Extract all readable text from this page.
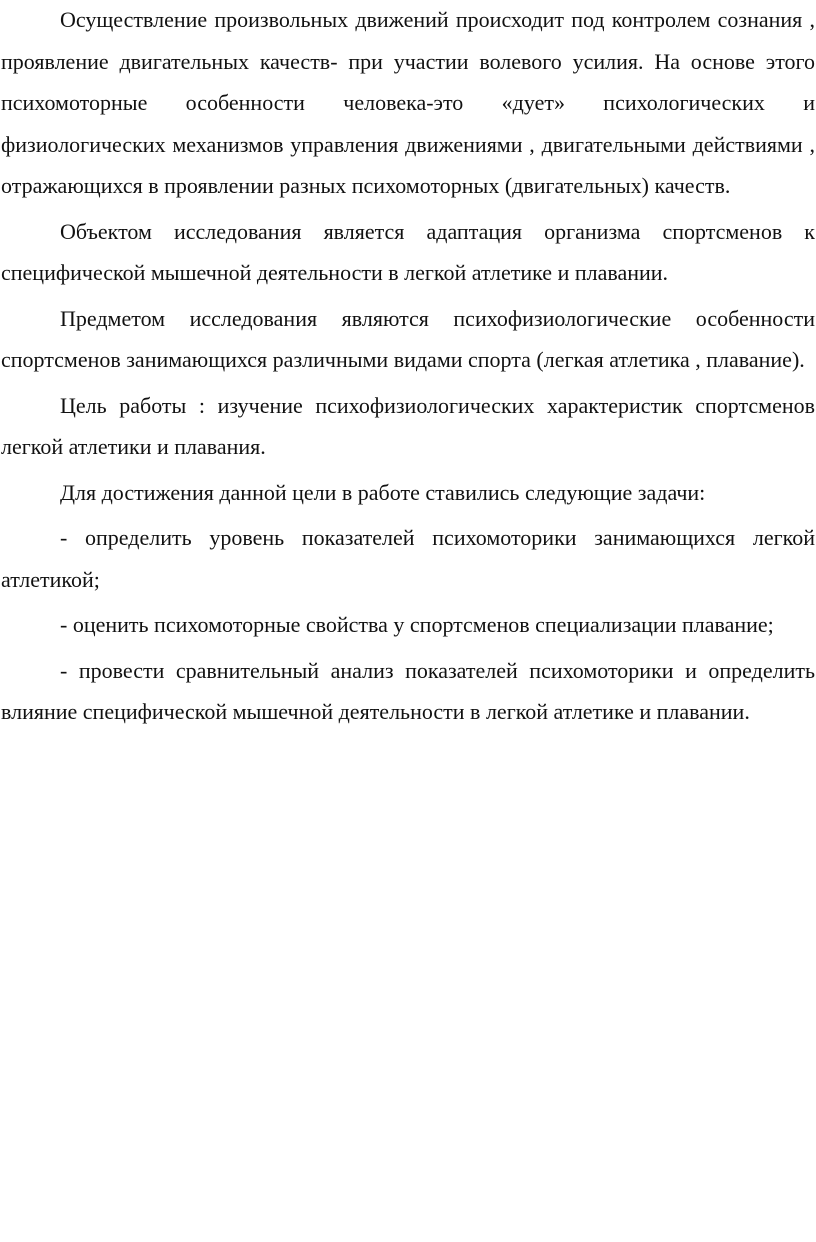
Осуществление произвольных движений происходит под контролем сознания , проявление двигательных качеств- при участии волевого усилия. На основе этого психомоторные особенности человека-это «дует» психологических и физиологических механизмов управления движениями , двигательными действиями , отражающихся в проявлении разных психомоторных (двигательных) качеств.

Объектом исследования является адаптация организма спортсменов к специфической мышечной деятельности в легкой атлетике и плавании.

Предметом исследования являются психофизиологические особенности спортсменов занимающихся различными видами спорта (легкая атлетика , плавание).

Цель работы : изучение психофизиологических характеристик спортсменов легкой атлетики и плавания.

Для достижения данной цели в работе ставились следующие задачи:

- определить уровень показателей психомоторики занимающихся легкой атлетикой;

- оценить психомоторные свойства у спортсменов специализации плавание;

- провести сравнительный анализ показателей психомоторики и определить влияние специфической мышечной деятельности в легкой атлетике и плавании.
